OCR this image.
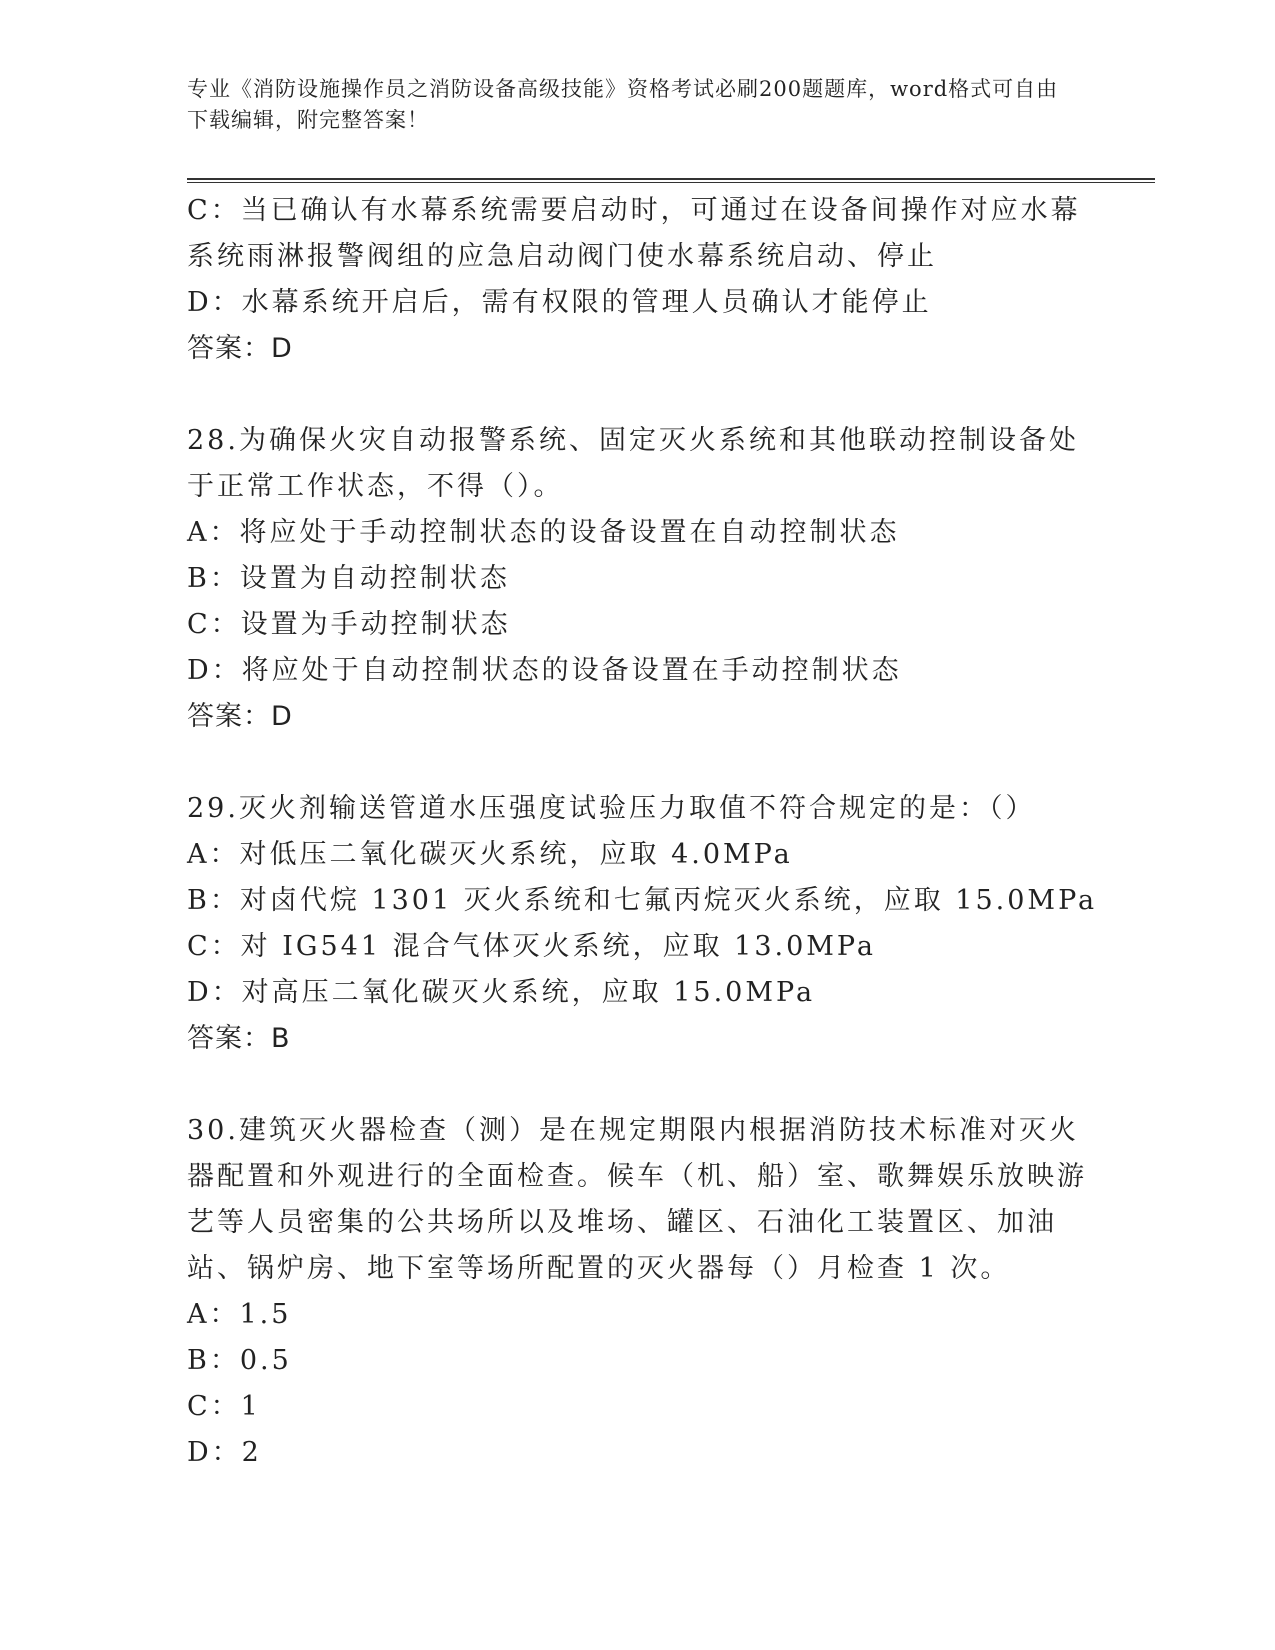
专业《消防设施操作员之消防设备高级技能》资格考试必刷200题题库，word格式可自由下载编辑，附完整答案！
C：当已确认有水幕系统需要启动时，可通过在设备间操作对应水幕系统雨淋报警阀组的应急启动阀门使水幕系统启动、停止
D：水幕系统开启后，需有权限的管理人员确认才能停止
答案：D
28.为确保火灾自动报警系统、固定灭火系统和其他联动控制设备处于正常工作状态，不得（）。
A：将应处于手动控制状态的设备设置在自动控制状态
B：设置为自动控制状态
C：设置为手动控制状态
D：将应处于自动控制状态的设备设置在手动控制状态
答案：D
29.灭火剂输送管道水压强度试验压力取值不符合规定的是：（）
A：对低压二氧化碳灭火系统，应取 4.0MPa
B：对卤代烷 1301 灭火系统和七氟丙烷灭火系统，应取 15.0MPa
C：对 IG541 混合气体灭火系统，应取 13.0MPa
D：对高压二氧化碳灭火系统，应取 15.0MPa
答案：B
30.建筑灭火器检查（测）是在规定期限内根据消防技术标准对灭火器配置和外观进行的全面检查。候车（机、船）室、歌舞娱乐放映游艺等人员密集的公共场所以及堆场、罐区、石油化工装置区、加油站、锅炉房、地下室等场所配置的灭火器每（）月检查 1 次。
A：1.5
B：0.5
C：1
D：2
